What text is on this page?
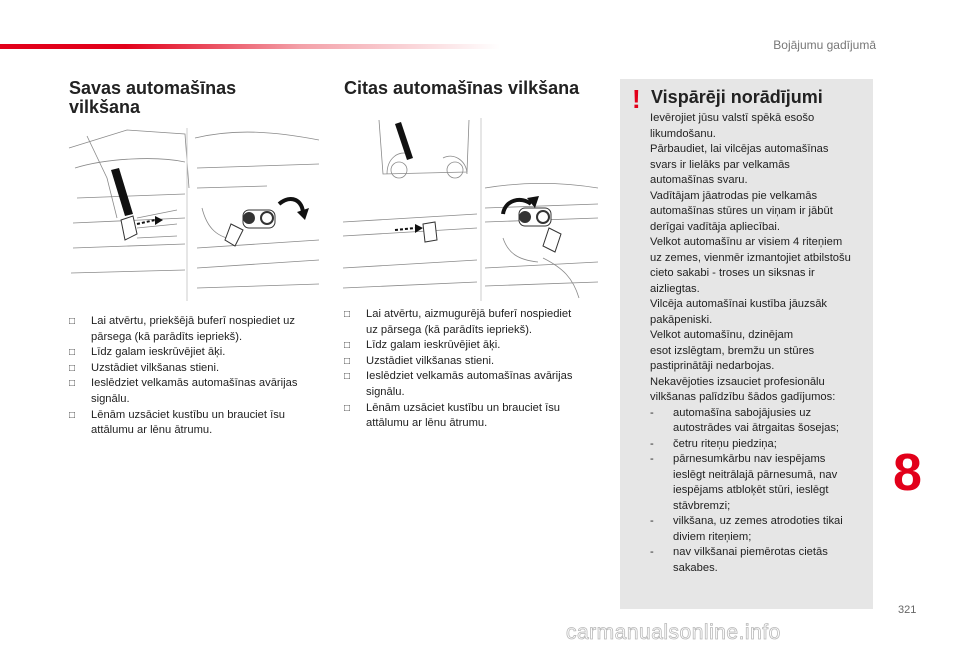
Bojājumu gadījumā
Savas automašīnas
vilkšana
□ Lai atvērtu, priekšējā buferī nospiediet uz
pārsega (kā parādīts iepriekš).
□ Līdz galam ieskrūvējiet āķi.
□ Uzstādiet vilkšanas stieni.
□ Ieslēdziet velkamās automašīnas avārijas
signālu.
□ Lēnām uzsāciet kustību un brauciet īsu
attālumu ar lēnu ātrumu.
Citas automašīnas vilkšana
□ Lai atvērtu, aizmugurējā buferī nospiediet
uz pārsega (kā parādīts iepriekš).
□ Līdz galam ieskrūvējiet āķi.
□ Uzstādiet vilkšanas stieni.
□ Ieslēdziet velkamās automašīnas avārijas
signālu.
□ Lēnām uzsāciet kustību un brauciet īsu
attālumu ar lēnu ātrumu.
! Vispārēji norādījumi

Ievērojiet jūsu valstī spēkā esošo
likumdošanu.

Pārbaudiet, lai vilcējas automašīnas
svars ir lielāks par velkamās
automašīnas svaru.

Vadītājam jāatrodas pie velkamās
automašīnas stūres un viņam ir jābūt
derīgai vadītāja apliecībai.

Velkot automašīnu ar visiem 4 riteņiem
uz zemes, vienmēr izmantojiet atbilstošu
cieto sakabi - troses un siksnas ir
aizliegtas.

Vilcēja automašīnai kustība jāuzsāk
pakāpeniski.

Velkot automašīnu, dzinējam
esot izslēgtam, bremžu un stūres
pastiprinātāji nedarbojas.

Nekavējoties izsauciet profesionālu
vilkšanas palīdzību šādos gadījumos:

- automašīna sabojājusies uz
autostrādes vai ātrgaitas šosejas;
- četru riteņu piedziņa;
- pārnesumkārbu nav iespējams
ieslēgt neitrālajā pārnesumā, nav
iespējams atbloķēt stūri, ieslēgt
stāvbremzi;
- vilkšana, uz zemes atrodoties tikai
diviem riteņiem;
- nav vilkšanai piemērotas cietās
sakabes.
8
321
carmanualsonline.info
